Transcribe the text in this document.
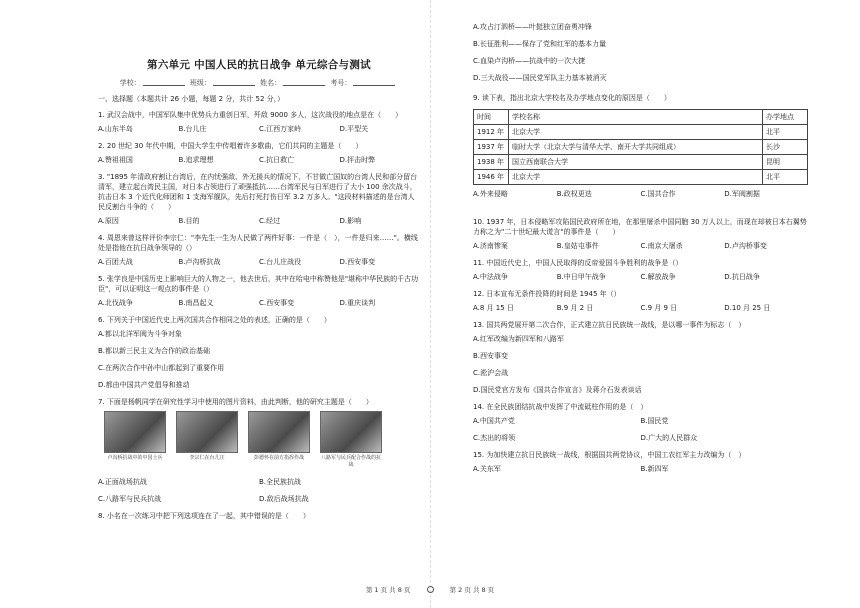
第六单元 中国人民的抗日战争 单元综合与测试
学校：	班级：	姓名：	考号：
一、选择题（本题共计 26 小题，每题 2 分，共计 52 分，）
1. 武汉会战中，中国军队集中优势兵力重创日军，歼敌 9000 多人，这次战役的地点是在（　　）
A.山东半岛	B.台儿庄	C.江西万家岭	D.平型关
2. 20 世纪 30 年代中期，中国大学生中传唱着许多歌曲，它们共同的主题是（　　）
A.赞祖祖国	B.追求理想	C.抗日救亡	D.抨击时弊
3. "1895 年清政府割让台湾后，在内忧强敌、外无援兵的情况下，不甘做亡国奴的台湾人民和部分留台清军，建立起台湾民主国，对日本占领进行了顽强抵抗……台湾军民与日军进行了大小 100 余次战斗，抗击日本 3 个近代化师团和 1 支海军舰队，先后打死打伤日军 3.2 万多人。"这段材料描述的是台湾人民反割台斗争的（　　）
A.原因	B.目的	C.经过	D.影响
4. 周恩来曾这样评价李宗仁："李先生一生为人民做了两件好事：一件是（　），一件是归来……"。横线处是指他在抗日战争领导的（）
A.百团大战	B.卢沟桥抗战	C.台儿庄战役	D.西安事变
5. 张学良是中国历史上影响巨大的人物之一，他去世后，其中在哈电中称赞他是"堪称中华民族的千古功臣"，可以证明这一观点的事件是（）
A.北伐战争	B.南昌起义	C.西安事变	D.重庆谈判
6. 下列关于中国近代史上两次国共合作相同之处的表述，正确的是（　　）
A.都以北洋军阀为斗争对象
B.都以新三民主义为合作的政治基础
C.在两次合作中孙中山都起到了重要作用
D.都由中国共产党倡导和推动
7. 下面是杨帆同学在研究性学习中使用的图片资料，由此判断，他的研究主题是（　　）
卢沟桥抗战中的中国士兵	李宗仁在台儿庄	彭德怀在前方指挥作战	八路军与民兵配合作战的抗战
A.正面战场抗战	B.全民族抗战
C.八路军与民兵抗战	D.敌后战场抗战
8. 小名在一次练习中把下列选项连在了一起，其中错误的是（　　）
A.攻占汀泗桥——叶挺独立团奋勇冲锋
B.长征胜利——保存了党和红军的基本力量
C.血染卢沟桥——抗战中的一次大捷
D.三大战役——国民党军队主力基本被消灭
9. 读下表，指出北京大学校名及办学地点变化的原因是（　　）
时间	学校名称	办学地点
1912 年	北京大学	北平
1937 年	临时大学（北京大学与清华大学、南开大学共同组成）	长沙
1938 年	国立西南联合大学	昆明
1946 年	北京大学	北平
A.外来侵略	B.政权更迭	C.国共合作	D.军阀割据
10. 1937 年，日本侵略军攻陷国民政府所在地，在那里屠杀中国同胞 30 万人以上，而现在却被日本右翼势力称之为"二十世纪最大谎言"的事件是（　　）
A.济南惨案	B.皇姑屯事件	C.南京大屠杀	D.卢沟桥事变
11. 中国近代史上，中国人民取得的反帝爱国斗争胜利的战争是（）
A.中法战争	B.中日甲午战争	C.解放战争	D.抗日战争
12. 日本宣布无条件投降的时间是 1945 年（）
A.8 月 15 日	B.9 月 2 日	C.9 月 9 日	D.10 月 25 日
13. 国共两党展开第二次合作，正式建立抗日民族统一战线，是以哪一事件为标志（　）
A.红军改编为新四军和八路军
B.西安事变
C.淞沪会战
D.国民党官方发布《国共合作宣言》及蒋介石发表谈话
14. 在全民族团结抗战中发挥了中流砥柱作用的是（　）
A.中国共产党	B.国民党
C.杰出的将领	D.广大的人民群众
15. 为加快建立抗日民族统一战线，根据国共两党协议，中国工农红军主力改编为（　）
A.关东军	B.新四军
第 1 页 共 8 页	第 2 页 共 8 页
